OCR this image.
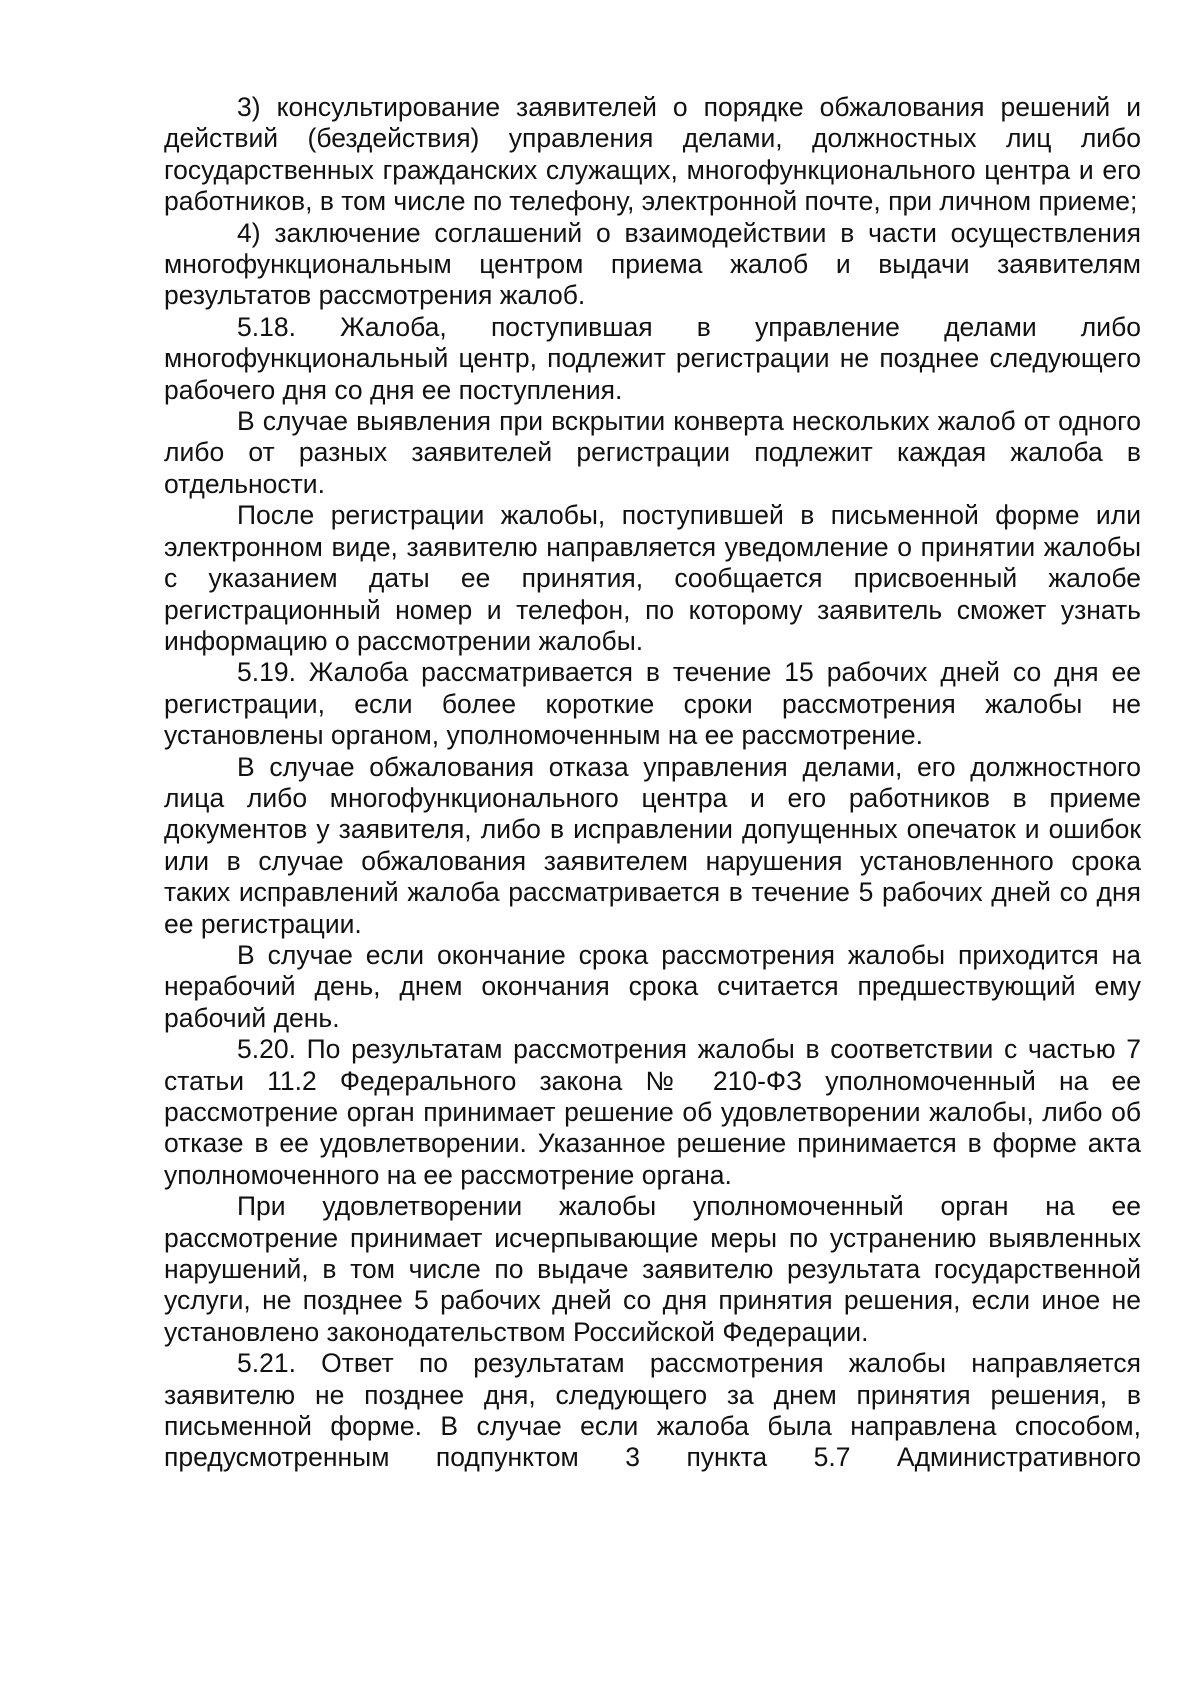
3) консультирование заявителей о порядке обжалования решений и действий (бездействия) управления делами, должностных лиц либо государственных гражданских служащих, многофункционального центра и его работников, в том числе по телефону, электронной почте, при личном приеме;

4) заключение соглашений о взаимодействии в части осуществления многофункциональным центром приема жалоб и выдачи заявителям результатов рассмотрения жалоб.

5.18. Жалоба, поступившая в управление делами либо многофункциональный центр, подлежит регистрации не позднее следующего рабочего дня со дня ее поступления.

В случае выявления при вскрытии конверта нескольких жалоб от одного либо от разных заявителей регистрации подлежит каждая жалоба в отдельности.

После регистрации жалобы, поступившей в письменной форме или электронном виде, заявителю направляется уведомление о принятии жалобы с указанием даты ее принятия, сообщается присвоенный жалобе регистрационный номер и телефон, по которому заявитель сможет узнать информацию о рассмотрении жалобы.

5.19. Жалоба рассматривается в течение 15 рабочих дней со дня ее регистрации, если более короткие сроки рассмотрения жалобы не установлены органом, уполномоченным на ее рассмотрение.

В случае обжалования отказа управления делами, его должностного лица либо многофункционального центра и его работников в приеме документов у заявителя, либо в исправлении допущенных опечаток и ошибок или в случае обжалования заявителем нарушения установленного срока таких исправлений жалоба рассматривается в течение 5 рабочих дней со дня ее регистрации.

В случае если окончание срока рассмотрения жалобы приходится на нерабочий день, днем окончания срока считается предшествующий ему рабочий день.

5.20. По результатам рассмотрения жалобы в соответствии с частью 7 статьи 11.2 Федерального закона № 210-ФЗ уполномоченный на ее рассмотрение орган принимает решение об удовлетворении жалобы, либо об отказе в ее удовлетворении. Указанное решение принимается в форме акта уполномоченного на ее рассмотрение органа.

При удовлетворении жалобы уполномоченный орган на ее рассмотрение принимает исчерпывающие меры по устранению выявленных нарушений, в том числе по выдаче заявителю результата государственной услуги, не позднее 5 рабочих дней со дня принятия решения, если иное не установлено законодательством Российской Федерации.

5.21. Ответ по результатам рассмотрения жалобы направляется заявителю не позднее дня, следующего за днем принятия решения, в письменной форме. В случае если жалоба была направлена способом, предусмотренным подпунктом 3 пункта 5.7 Административного
